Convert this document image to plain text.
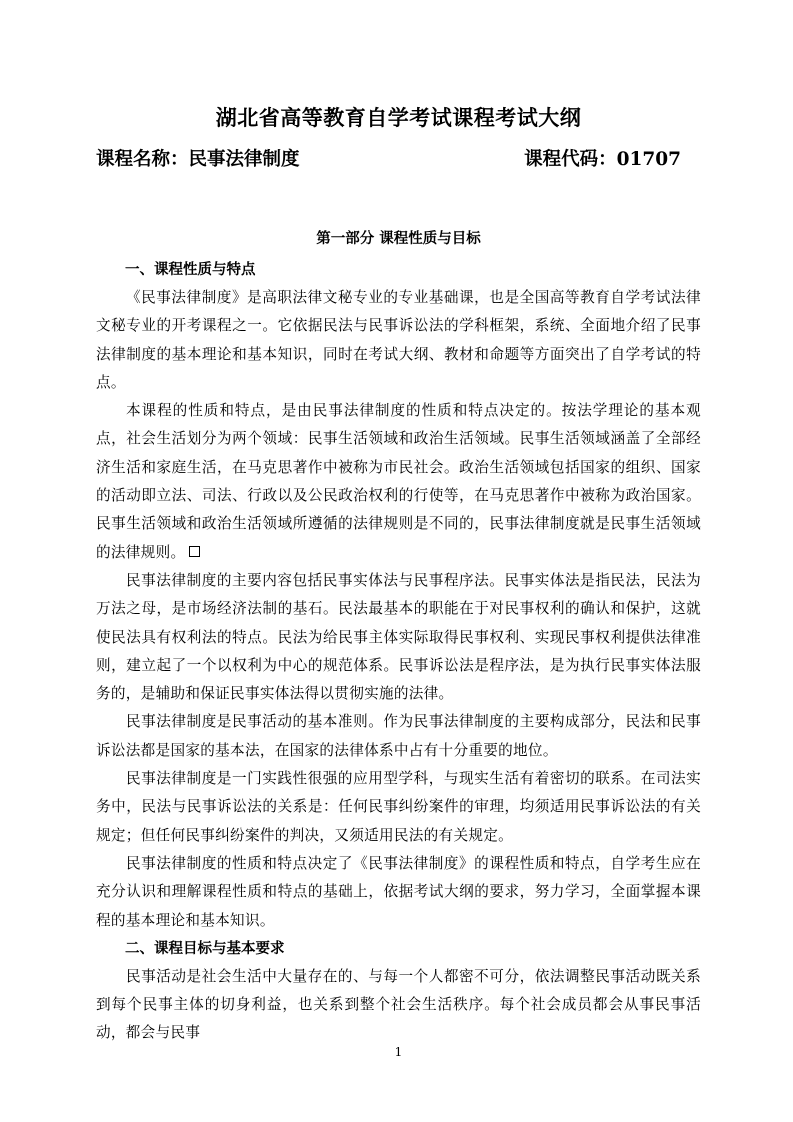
湖北省高等教育自学考试课程考试大纲
课程名称：民事法律制度	课程代码：01707
第一部分 课程性质与目标

一、课程性质与特点

《民事法律制度》是高职法律文秘专业的专业基础课，也是全国高等教育自学考试法律文秘专业的开考课程之一。它依据民法与民事诉讼法的学科框架，系统、全面地介绍了民事法律制度的基本理论和基本知识，同时在考试大纲、教材和命题等方面突出了自学考试的特点。

本课程的性质和特点，是由民事法律制度的性质和特点决定的。按法学理论的基本观点，社会生活划分为两个领域：民事生活领域和政治生活领域。民事生活领域涵盖了全部经济生活和家庭生活，在马克思著作中被称为市民社会。政治生活领域包括国家的组织、国家的活动即立法、司法、行政以及公民政治权利的行使等，在马克思著作中被称为政治国家。民事生活领域和政治生活领域所遵循的法律规则是不同的，民事法律制度就是民事生活领域的法律规则。

民事法律制度的主要内容包括民事实体法与民事程序法。民事实体法是指民法，民法为万法之母，是市场经济法制的基石。民法最基本的职能在于对民事权利的确认和保护，这就使民法具有权利法的特点。民法为给民事主体实际取得民事权利、实现民事权利提供法律准则，建立起了一个以权利为中心的规范体系。民事诉讼法是程序法，是为执行民事实体法服务的，是辅助和保证民事实体法得以贯彻实施的法律。

民事法律制度是民事活动的基本准则。作为民事法律制度的主要构成部分，民法和民事诉讼法都是国家的基本法，在国家的法律体系中占有十分重要的地位。

民事法律制度是一门实践性很强的应用型学科，与现实生活有着密切的联系。在司法实务中，民法与民事诉讼法的关系是：任何民事纠纷案件的审理，均须适用民事诉讼法的有关规定；但任何民事纠纷案件的判决，又须适用民法的有关规定。

民事法律制度的性质和特点决定了《民事法律制度》的课程性质和特点，自学考生应在充分认识和理解课程性质和特点的基础上，依据考试大纲的要求，努力学习，全面掌握本课程的基本理论和基本知识。

二、课程目标与基本要求

民事活动是社会生活中大量存在的、与每一个人都密不可分，依法调整民事活动既关系到每个民事主体的切身利益，也关系到整个社会生活秩序。每个社会成员都会从事民事活动，都会与民事

1
